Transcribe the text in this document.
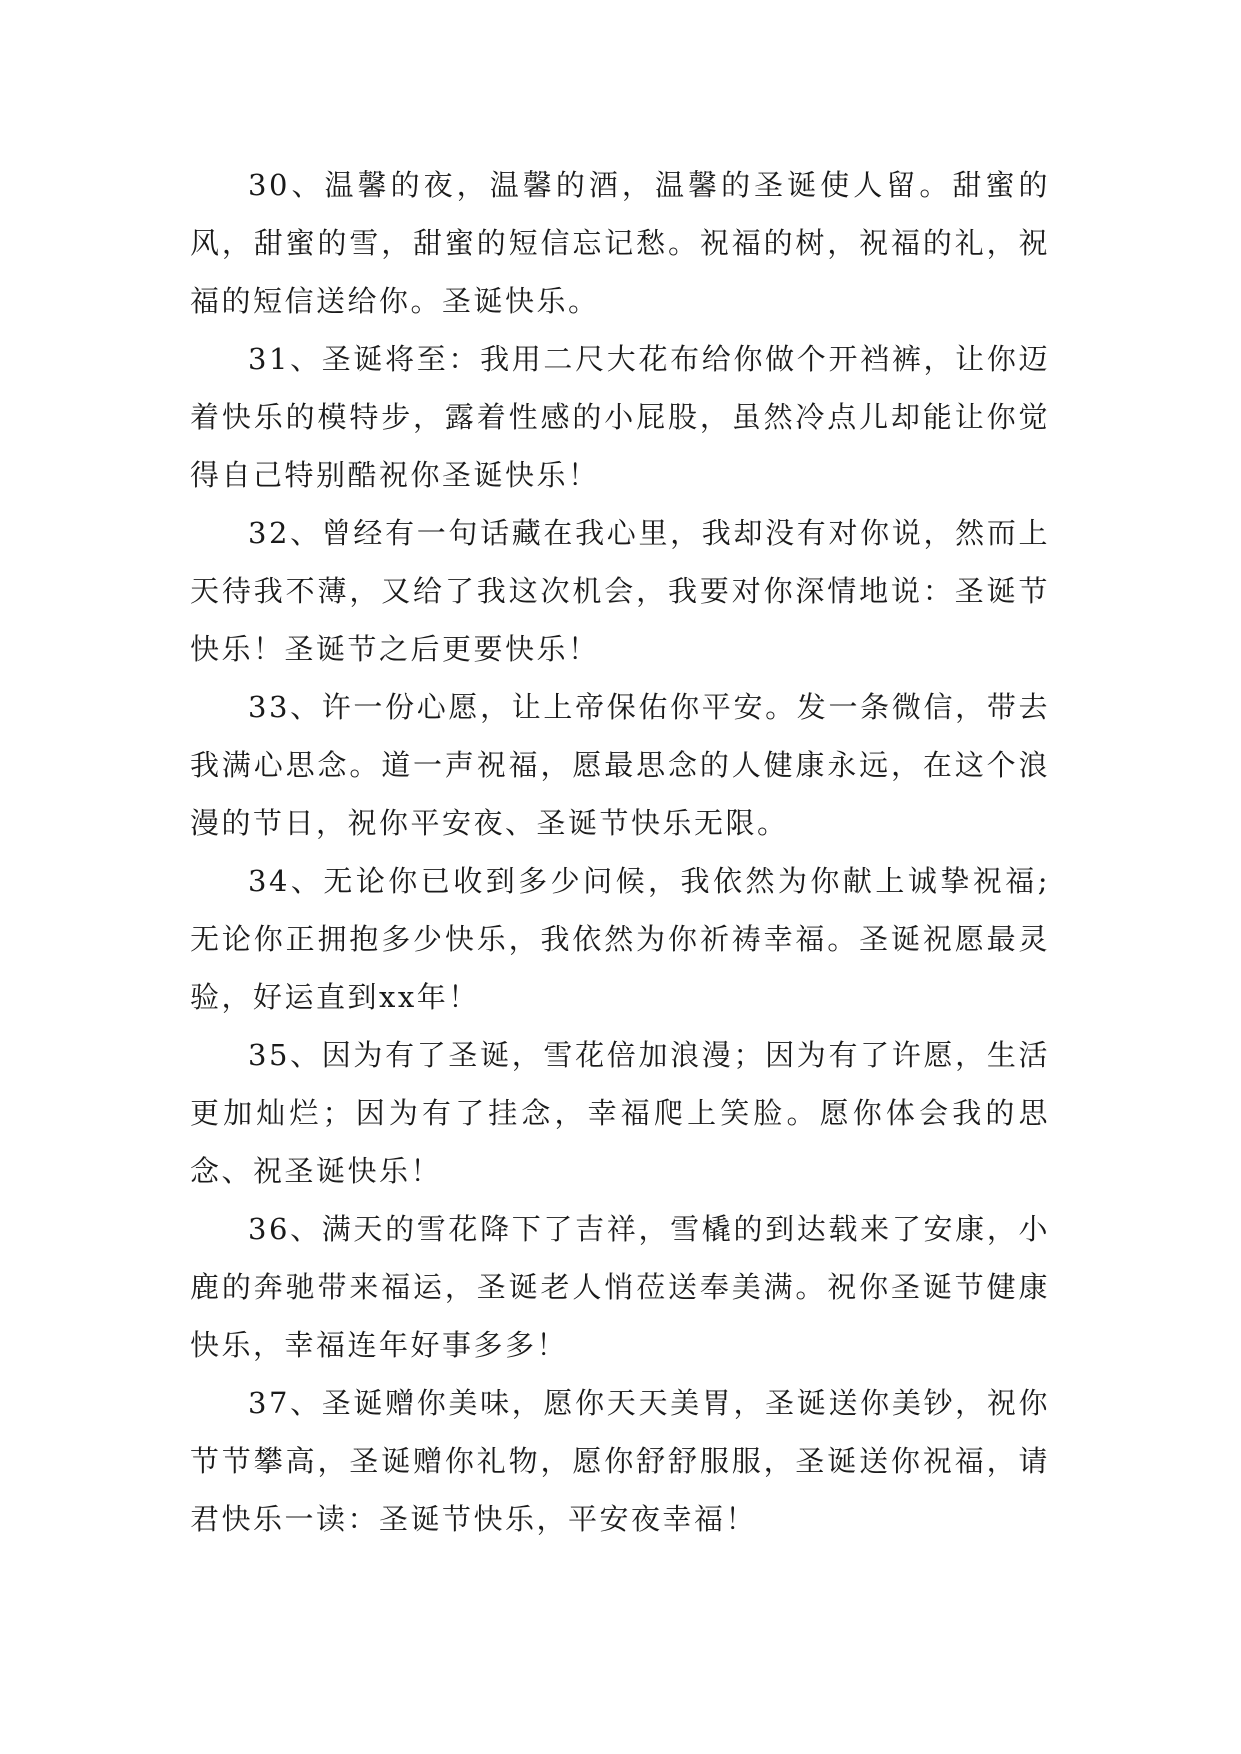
30、温馨的夜，温馨的酒，温馨的圣诞使人留。甜蜜的风，甜蜜的雪，甜蜜的短信忘记愁。祝福的树，祝福的礼，祝福的短信送给你。圣诞快乐。

31、圣诞将至：我用二尺大花布给你做个开裆裤，让你迈着快乐的模特步，露着性感的小屁股，虽然冷点儿却能让你觉得自己特别酷祝你圣诞快乐！

32、曾经有一句话藏在我心里，我却没有对你说，然而上天待我不薄，又给了我这次机会，我要对你深情地说：圣诞节快乐！圣诞节之后更要快乐！

33、许一份心愿，让上帝保佑你平安。发一条微信，带去我满心思念。道一声祝福，愿最思念的人健康永远，在这个浪漫的节日，祝你平安夜、圣诞节快乐无限。

34、无论你已收到多少问候，我依然为你献上诚挚祝福;无论你正拥抱多少快乐，我依然为你祈祷幸福。圣诞祝愿最灵验，好运直到xx年！

35、因为有了圣诞，雪花倍加浪漫；因为有了许愿，生活更加灿烂；因为有了挂念，幸福爬上笑脸。愿你体会我的思念、祝圣诞快乐！

36、满天的雪花降下了吉祥，雪橇的到达载来了安康，小鹿的奔驰带来福运，圣诞老人悄莅送奉美满。祝你圣诞节健康快乐，幸福连年好事多多！

37、圣诞赠你美味，愿你天天美胃，圣诞送你美钞，祝你节节攀高，圣诞赠你礼物，愿你舒舒服服，圣诞送你祝福，请君快乐一读：圣诞节快乐，平安夜幸福！
